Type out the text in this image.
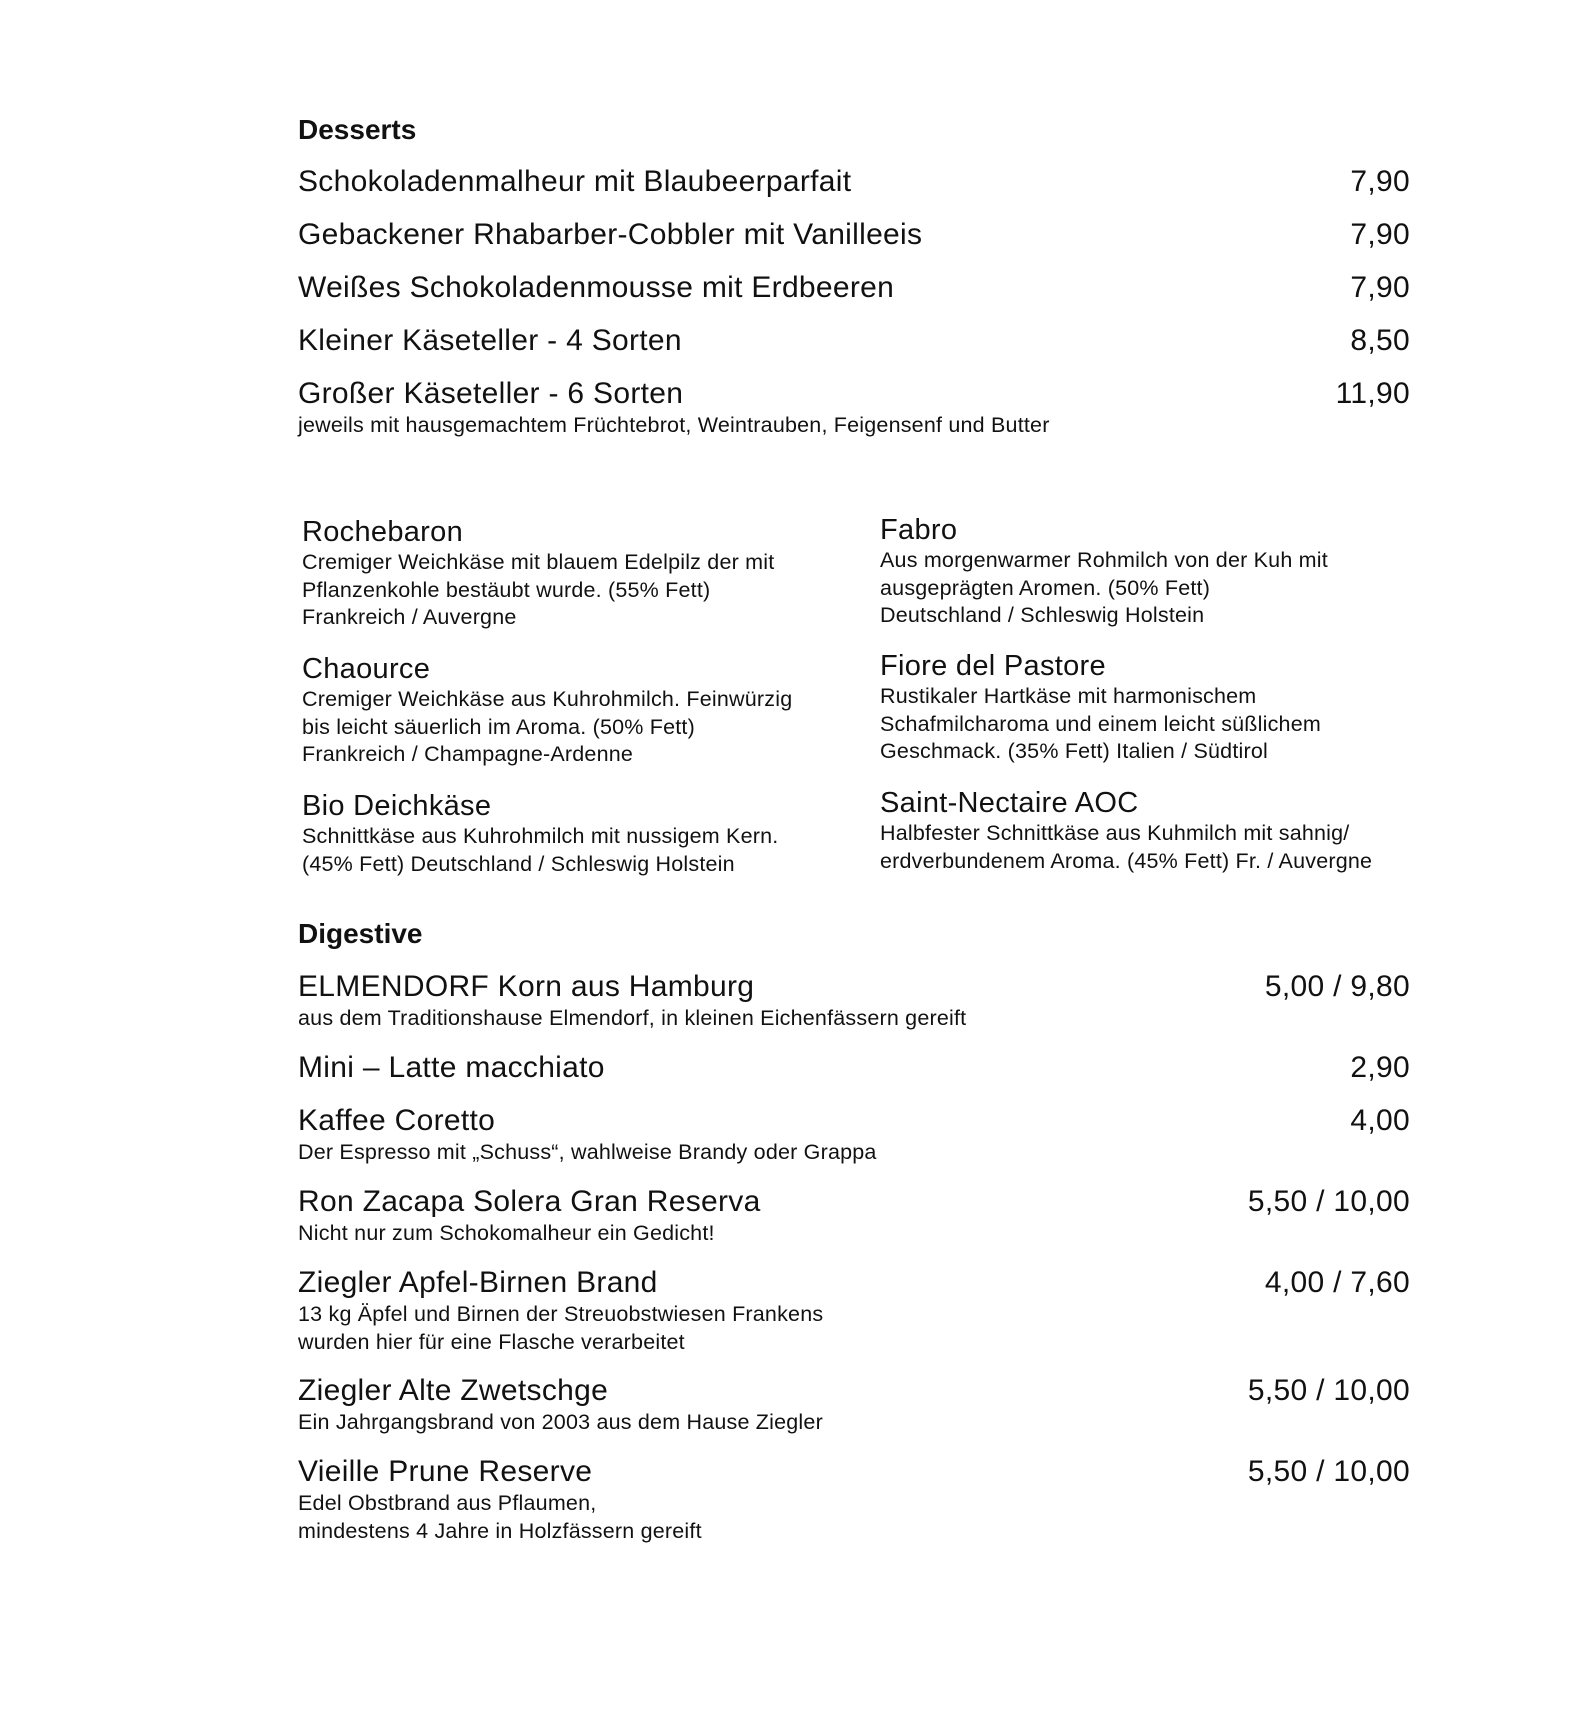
Desserts
Schokoladenmalheur mit Blaubeerparfait	7,90
Gebackener Rhabarber-Cobbler mit Vanilleeis	7,90
Weißes Schokoladenmousse mit Erdbeeren	7,90
Kleiner Käseteller - 4 Sorten	8,50
Großer Käseteller - 6 Sorten	11,90
jeweils mit hausgemachtem Früchtebrot, Weintrauben, Feigensenf und Butter
Rochebaron
Cremiger Weichkäse mit blauem Edelpilz der mit
Pflanzenkohle bestäubt wurde. (55% Fett)
Frankreich / Auvergne
Chaource
Cremiger Weichkäse aus Kuhrohmilch. Feinwürzig
bis leicht säuerlich im Aroma. (50% Fett)
Frankreich / Champagne-Ardenne
Bio Deichkäse
Schnittkäse aus Kuhrohmilch mit nussigem Kern.
(45% Fett) Deutschland / Schleswig Holstein
Fabro
Aus morgenwarmer Rohmilch von der Kuh mit
ausgeprägten Aromen. (50% Fett)
Deutschland / Schleswig Holstein
Fiore del Pastore
Rustikaler Hartkäse mit harmonischem
Schafmilcharoma und einem leicht süßlichem
Geschmack. (35% Fett) Italien / Südtirol
Saint-Nectaire AOC
Halbfester Schnittkäse aus Kuhmilch mit sahnig/
erdverbundenem Aroma. (45% Fett) Fr. / Auvergne
Digestive
ELMENDORF Korn aus Hamburg	5,00 / 9,80
aus dem Traditionshause Elmendorf, in kleinen Eichenfässern gereift
Mini – Latte macchiato	2,90
Kaffee Coretto	4,00
Der Espresso mit „Schuss“, wahlweise Brandy oder Grappa
Ron Zacapa Solera Gran Reserva	5,50 / 10,00
Nicht nur zum Schokomalheur ein Gedicht!
Ziegler Apfel-Birnen Brand	4,00 / 7,60
13 kg Äpfel und Birnen der Streuobstwiesen Frankens
wurden hier für eine Flasche verarbeitet
Ziegler Alte Zwetschge	5,50 / 10,00
Ein Jahrgangsbrand von 2003 aus dem Hause Ziegler
Vieille Prune Reserve	5,50 / 10,00
Edel Obstbrand aus Pflaumen,
mindestens 4 Jahre in Holzfässern gereift
